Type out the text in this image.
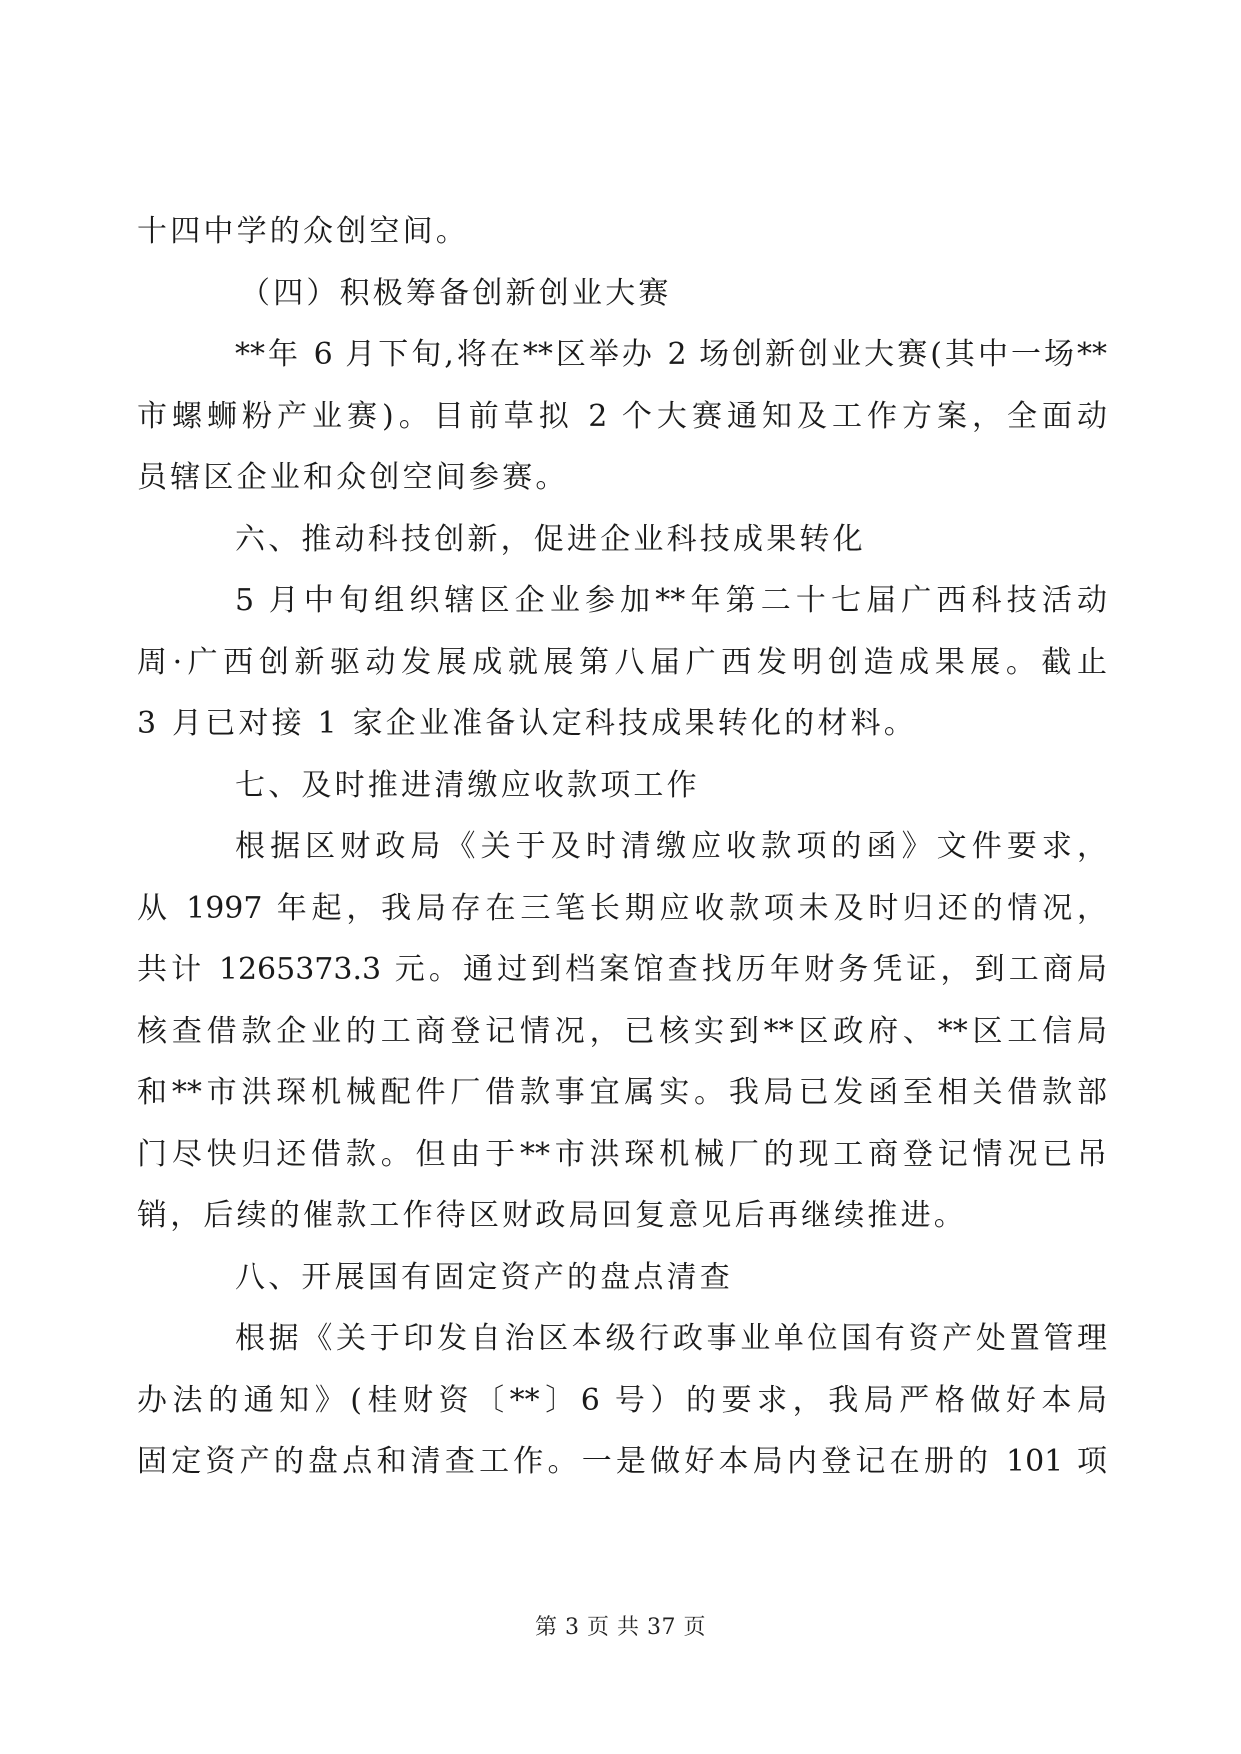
十四中学的众创空间。
（四）积极筹备创新创业大赛
**年 6 月下旬,将在**区举办 2 场创新创业大赛(其中一场**
市螺蛳粉产业赛)。目前草拟 2 个大赛通知及工作方案，全面动
员辖区企业和众创空间参赛。
六、推动科技创新，促进企业科技成果转化
5 月中旬组织辖区企业参加**年第二十七届广西科技活动
周·广西创新驱动发展成就展第八届广西发明创造成果展。截止
3 月已对接 1 家企业准备认定科技成果转化的材料。
七、及时推进清缴应收款项工作
根据区财政局《关于及时清缴应收款项的函》文件要求，
从 1997 年起，我局存在三笔长期应收款项未及时归还的情况，
共计 1265373.3 元。通过到档案馆查找历年财务凭证，到工商局
核查借款企业的工商登记情况，已核实到**区政府、**区工信局
和**市洪琛机械配件厂借款事宜属实。我局已发函至相关借款部
门尽快归还借款。但由于**市洪琛机械厂的现工商登记情况已吊
销，后续的催款工作待区财政局回复意见后再继续推进。
八、开展国有固定资产的盘点清查
根据《关于印发自治区本级行政事业单位国有资产处置管理
办法的通知》(桂财资〔**〕6 号）的要求，我局严格做好本局
固定资产的盘点和清查工作。一是做好本局内登记在册的 101 项
第 3 页 共 37 页
